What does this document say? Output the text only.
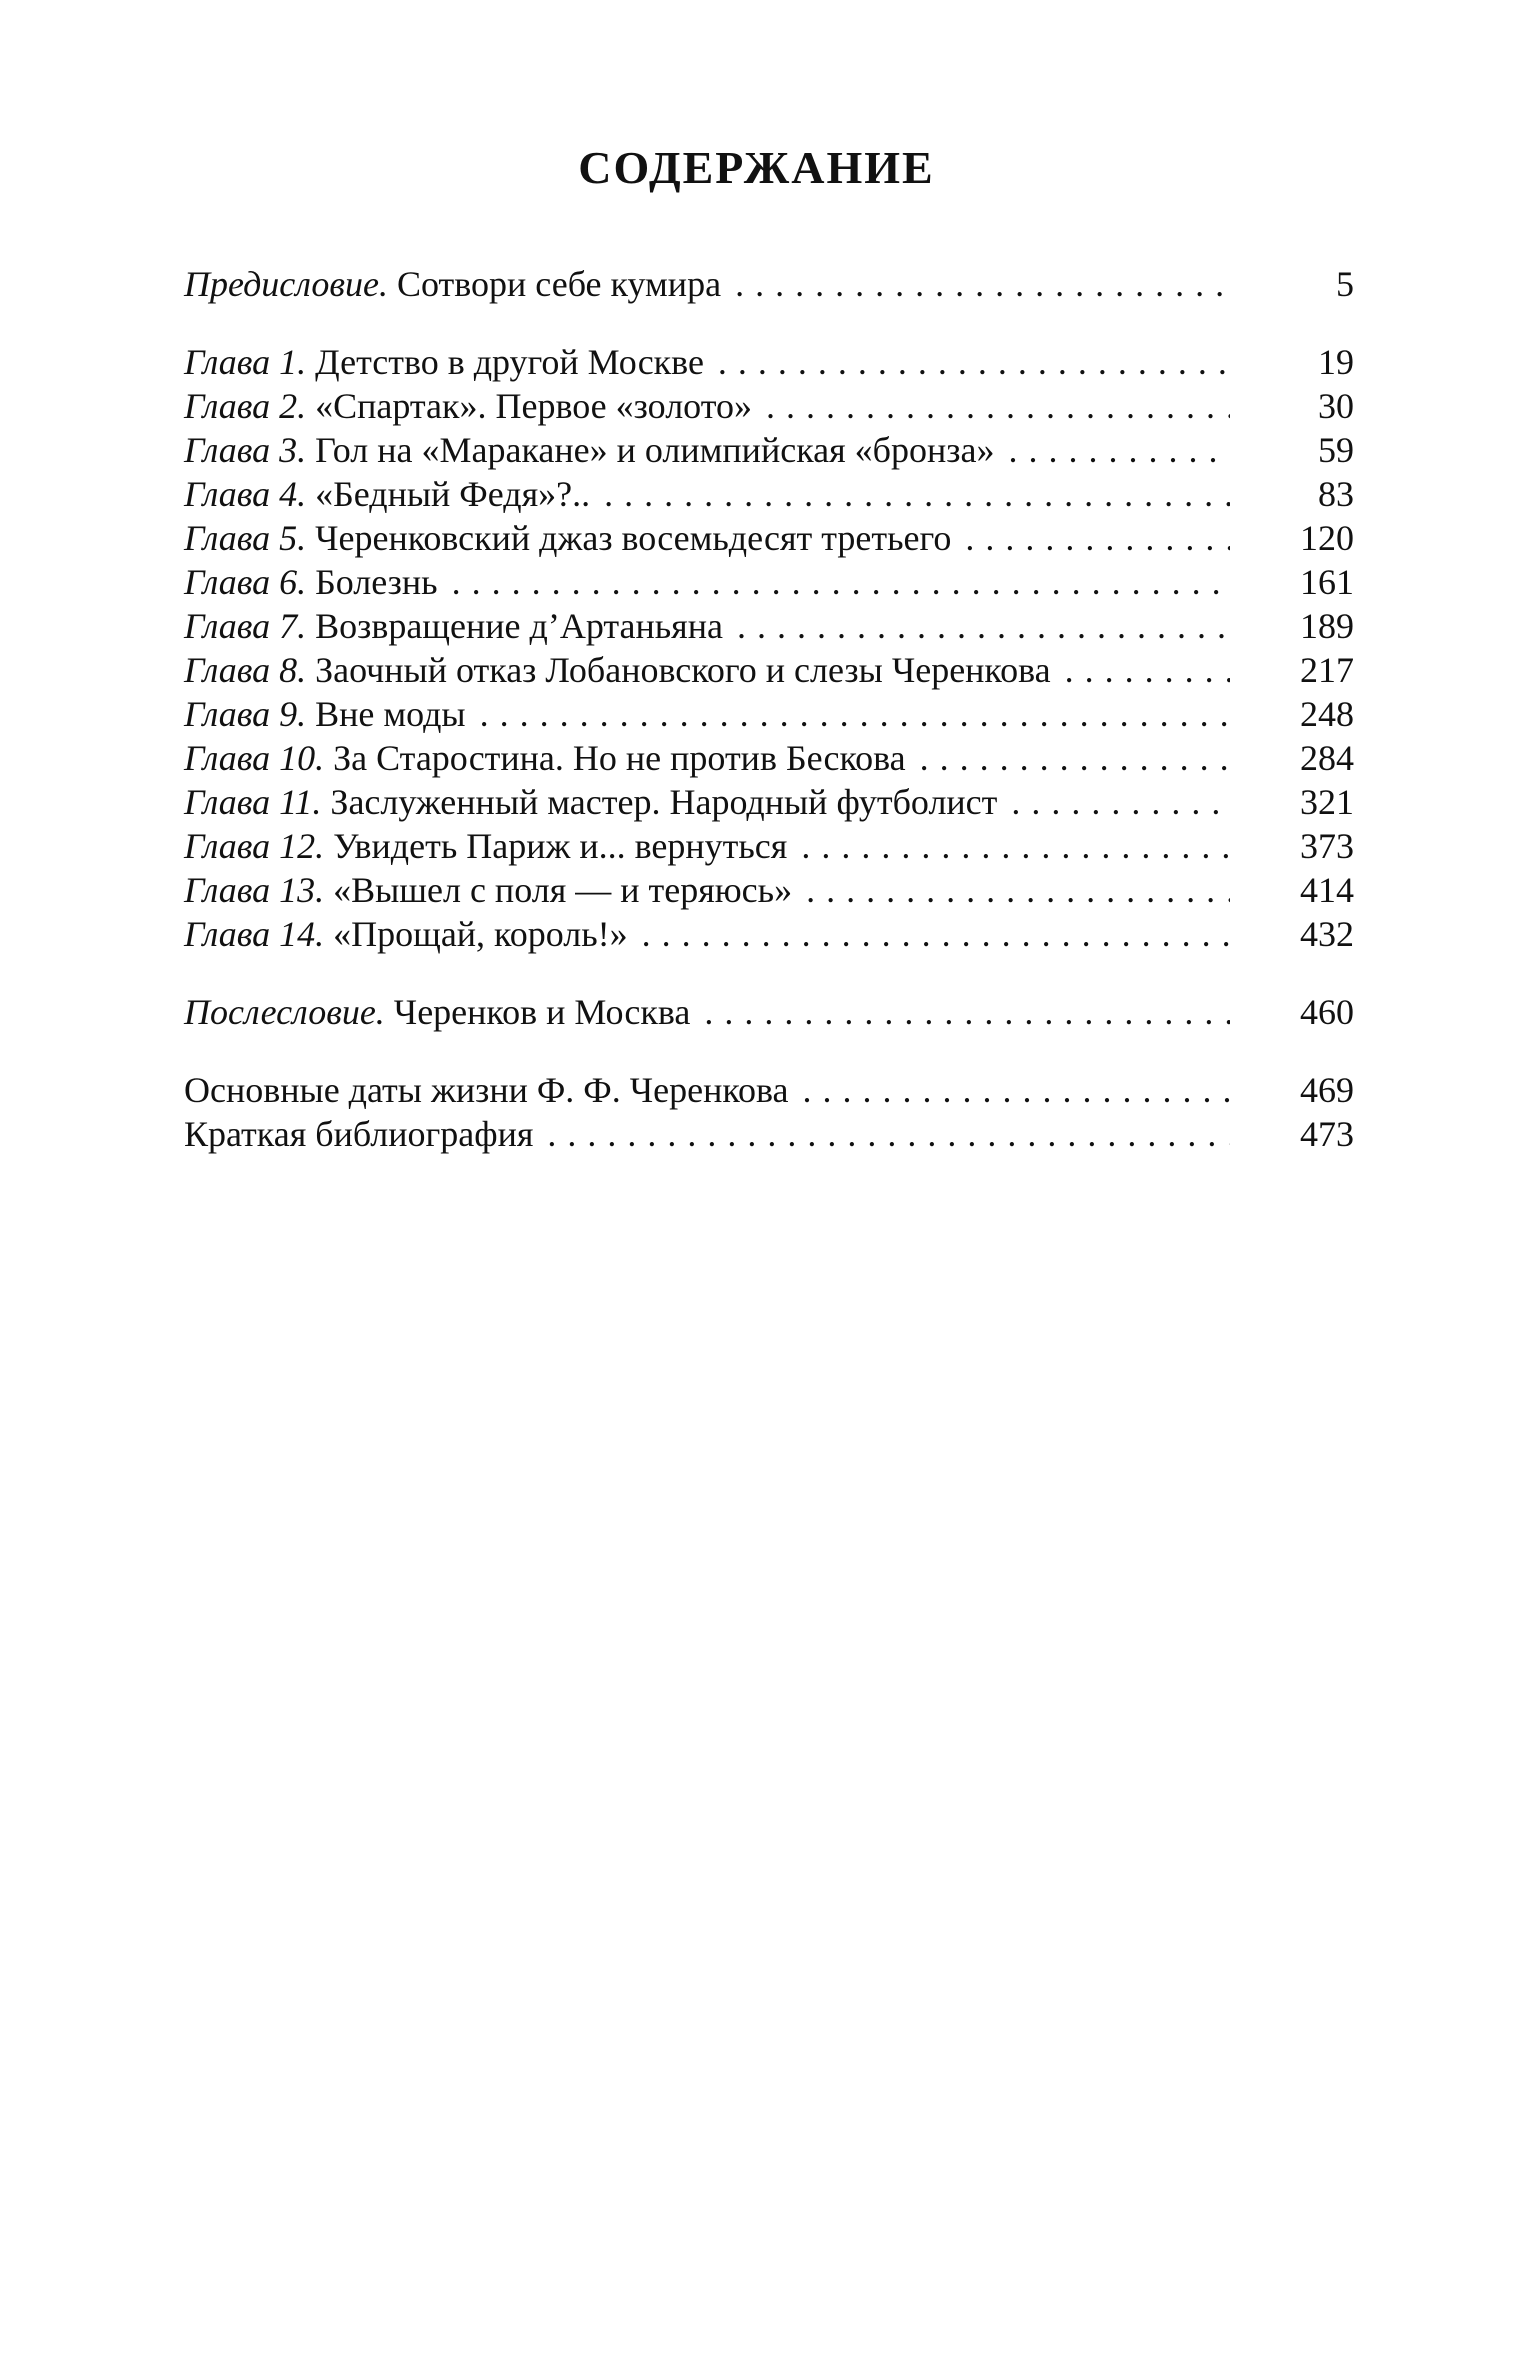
СОДЕРЖАНИЕ
Предисловие. Сотвори себе кумира . . .	5
Глава 1. Детство в другой Москве . . .	19
Глава 2. «Спартак». Первое «золото» . . .	30
Глава 3. Гол на «Маракане» и олимпийская «бронза» . . .	59
Глава 4. «Бедный Федя»?.. . . .	83
Глава 5. Черенковский джаз восемьдесят третьего . . .	120
Глава 6. Болезнь . . .	161
Глава 7. Возвращение д’Артаньяна . . .	189
Глава 8. Заочный отказ Лобановского и слезы Черенкова . . .	217
Глава 9. Вне моды . . .	248
Глава 10. За Старостина. Но не против Бескова . . .	284
Глава 11. Заслуженный мастер. Народный футболист . . .	321
Глава 12. Увидеть Париж и... вернуться . . .	373
Глава 13. «Вышел с поля — и теряюсь» . . .	414
Глава 14. «Прощай, король!» . . .	432
Послесловие. Черенков и Москва . . .	460
Основные даты жизни Ф. Ф. Черенкова . . .	469
Краткая библиография . . .	473
